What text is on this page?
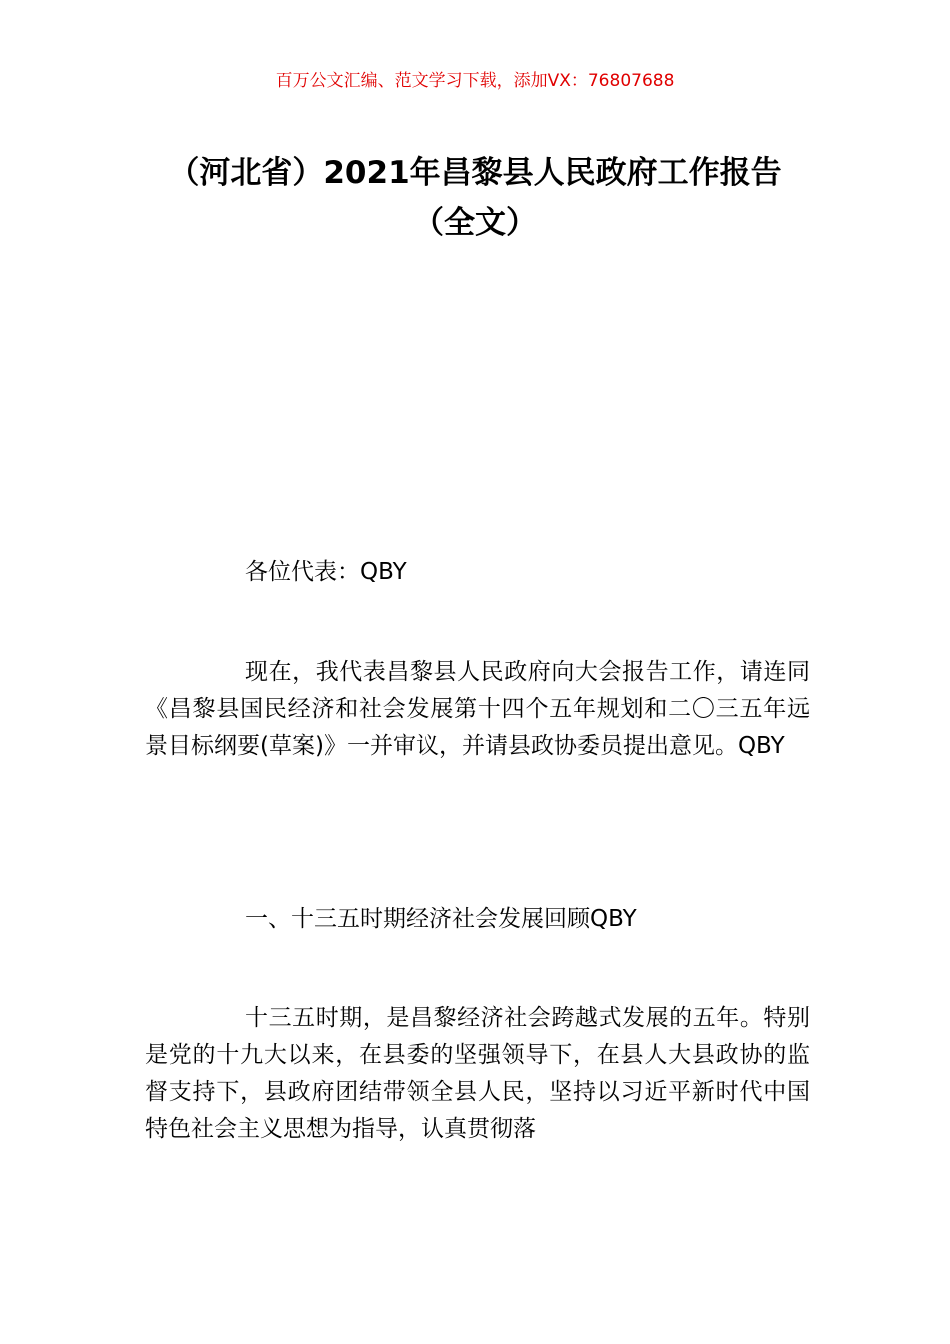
百万公文汇编、范文学习下载，添加VX：76807688
（河北省）2021年昌黎县人民政府工作报告（全文）

各位代表：QBY

现在，我代表昌黎县人民政府向大会报告工作，请连同《昌黎县国民经济和社会发展第十四个五年规划和二〇三五年远景目标纲要(草案)》一并审议，并请县政协委员提出意见。QBY

一、十三五时期经济社会发展回顾QBY

十三五时期，是昌黎经济社会跨越式发展的五年。特别是党的十九大以来，在县委的坚强领导下，在县人大县政协的监督支持下，县政府团结带领全县人民，坚持以习近平新时代中国特色社会主义思想为指导，认真贯彻落
